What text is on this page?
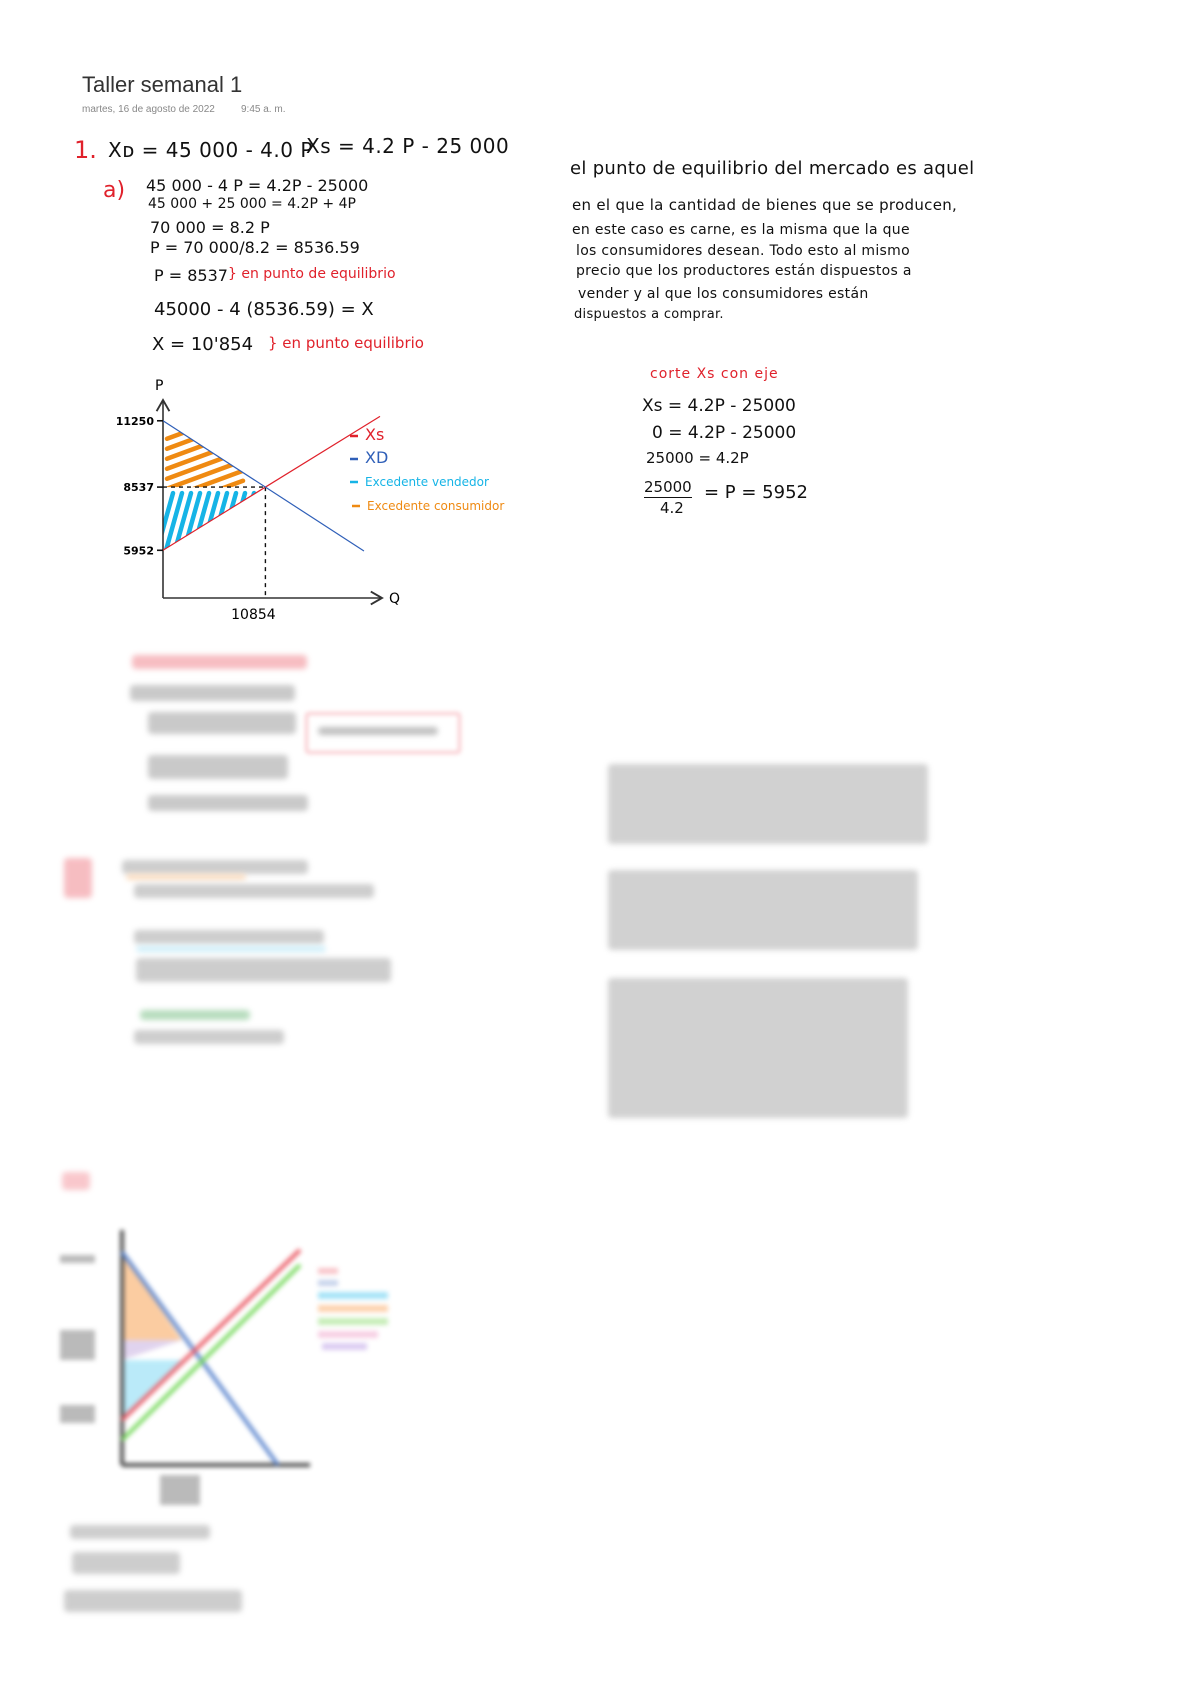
Taller semanal 1
martes, 16 de agosto de 2022	9:45 a. m.
1. Xᴅ = 45 000 - 4.0 P
Xs = 4.2 P - 25 000
a) 45 000 - 4 P = 4.2P - 25000
45 000 + 25 000 = 4.2P + 4P
70 000 = 8.2 P
P = 70 000/8.2 = 8536.59
P = 8537 } en punto de equilibrio
45000 - 4 (8536.59) = X
X = 10'854 } en punto equilibrio
el punto de equilibrio del mercado es aquel
en el que la cantidad de bienes que se producen,
en este caso es carne, es la misma que la que
los consumidores desean. Todo esto al mismo
precio que los productores están dispuestos a
vender y al que los consumidores están
dispuestos a comprar.
corte Xs con eje
Xs = 4.2P - 25000
0 = 4.2P - 25000
25000 = 4.2P
25000
4.2
= P = 5952
P
Q
11250
8537
5952
10854
Xs
XD
Excedente vendedor
Excedente consumidor
